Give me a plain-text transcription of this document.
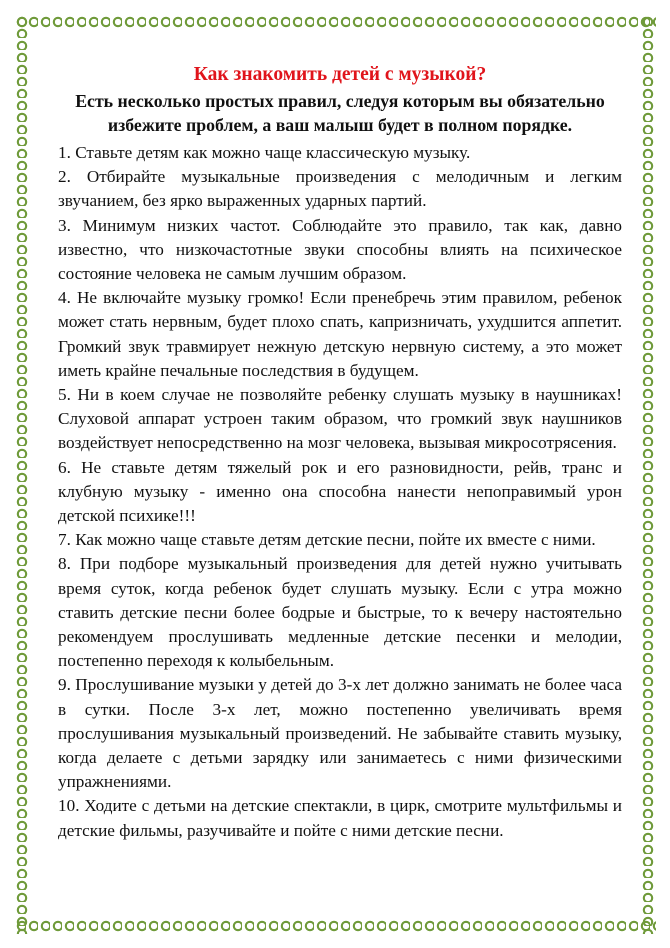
Как знакомить детей с музыкой?

Есть несколько простых правил, следуя которым вы обязательно избежите проблем, а ваш малыш будет в полном порядке.

1. Ставьте детям как можно чаще классическую музыку.

2. Отбирайте музыкальные произведения с мелодичным и легким звучанием, без ярко выраженных ударных партий.

3. Минимум низких частот. Соблюдайте это правило, так как, давно известно, что низкочастотные звуки способны влиять на психическое состояние человека не самым лучшим образом.

4. Не включайте музыку громко! Если пренебречь этим правилом, ребенок может стать нервным, будет плохо спать, капризничать, ухудшится аппетит. Громкий звук травмирует нежную детскую нервную систему, а это может иметь крайне печальные последствия в будущем.

5. Ни в коем случае не позволяйте ребенку слушать музыку в наушниках! Слуховой аппарат устроен таким образом, что громкий звук наушников воздействует непосредственно на мозг человека, вызывая микросотрясения.

6. Не ставьте детям тяжелый рок и его разновидности, рейв, транс и клубную музыку - именно она способна нанести непоправимый урон детской психике!!!

7. Как можно чаще ставьте детям детские песни, пойте их вместе с ними.

8. При подборе музыкальный произведения для детей нужно учитывать время суток, когда ребенок будет слушать музыку. Если с утра можно ставить детские песни более бодрые и быстрые, то к вечеру настоятельно рекомендуем прослушивать медленные детские песенки и мелодии, постепенно переходя к колыбельным.

9. Прослушивание музыки у детей до 3-х лет должно занимать не более часа в сутки. После 3-х лет, можно постепенно увеличивать время прослушивания музыкальный произведений. Не забывайте ставить музыку, когда делаете с детьми зарядку или занимаетесь с ними физическими упражнениями.

10. Ходите с детьми на детские спектакли, в цирк, смотрите мультфильмы и детские фильмы, разучивайте и пойте с ними детские песни.
